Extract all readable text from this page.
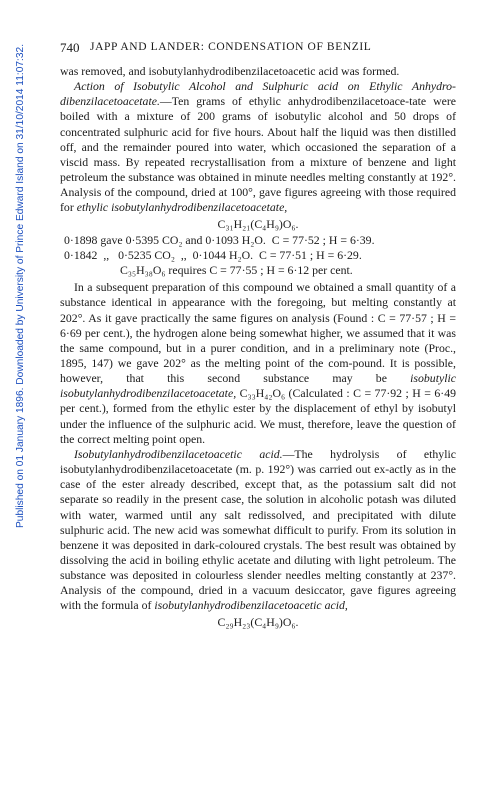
Published on 01 January 1896. Downloaded by University of Prince Edward Island on 31/10/2014 11:07:32.	740 JAPP AND LANDER: CONDENSATION OF BENZIL

was removed, and isobutylanhydrodibenzilacetoacetic acid was formed.

Action of Isobutylic Alcohol and Sulphuric acid on Ethylic Anhydro-dibenzilacetoacetate.—Ten grams of ethylic anhydrodibenzilacetoace-tate were boiled with a mixture of 200 grams of isobutylic alcohol and 50 drops of concentrated sulphuric acid for five hours. About half the liquid was then distilled off, and the remainder poured into water, which occasioned the separation of a viscid mass. By repeated recrystallisation from a mixture of benzene and light petroleum the substance was obtained in minute needles melting constantly at 192°. Analysis of the compound, dried at 100°, gave figures agreeing with those required for ethylic isobutylanhydrodibenzilacetoacetate,

C₃₁H₂₁(C₄H₉)O₆.

0·1898 gave 0·5395 CO₂ and 0·1093 H₂O.  C = 77·52 ; H = 6·39.

0·1842  ,,   0·5235 CO₂  ,,  0·1044 H₂O.  C = 77·51 ; H = 6·29.

C₃₅H₃₈O₆ requires C = 77·55 ; H = 6·12 per cent.

In a subsequent preparation of this compound we obtained a small quantity of a substance identical in appearance with the foregoing, but melting constantly at 202°. As it gave practically the same figures on analysis (Found : C = 77·57 ; H = 6·69 per cent.), the hydrogen alone being somewhat higher, we assumed that it was the same compound, but in a purer condition, and in a preliminary note (Proc., 1895, 147) we gave 202° as the melting point of the com-pound. It is possible, however, that this second substance may be isobutylic isobutylanhydrodibenzilacetoacetate, C₃₃H₄₂O₆ (Calculated : C = 77·92 ; H = 6·49 per cent.), formed from the ethylic ester by the displacement of ethyl by isobutyl under the influence of the sulphuric acid. We must, therefore, leave the question of the correct melting point open.

Isobutylanhydrodibenzilacetoacetic acid.—The hydrolysis of ethylic isobutylanhydrodibenzilacetoacetate (m. p. 192°) was carried out ex-actly as in the case of the ester already described, except that, as the potassium salt did not separate so readily in the present case, the solution in alcoholic potash was diluted with water, warmed until any salt redissolved, and precipitated with dilute sulphuric acid. The new acid was somewhat difficult to purify. From its solution in benzene it was deposited in dark-coloured crystals. The best result was obtained by dissolving the acid in boiling ethylic acetate and diluting with light petroleum. The substance was deposited in colourless slender needles melting constantly at 237°. Analysis of the compound, dried in a vacuum desiccator, gave figures agreeing with the formula of isobutylanhydrodibenzilacetoacetic acid,

C₂₉H₂₃(C₄H₉)O₆.
